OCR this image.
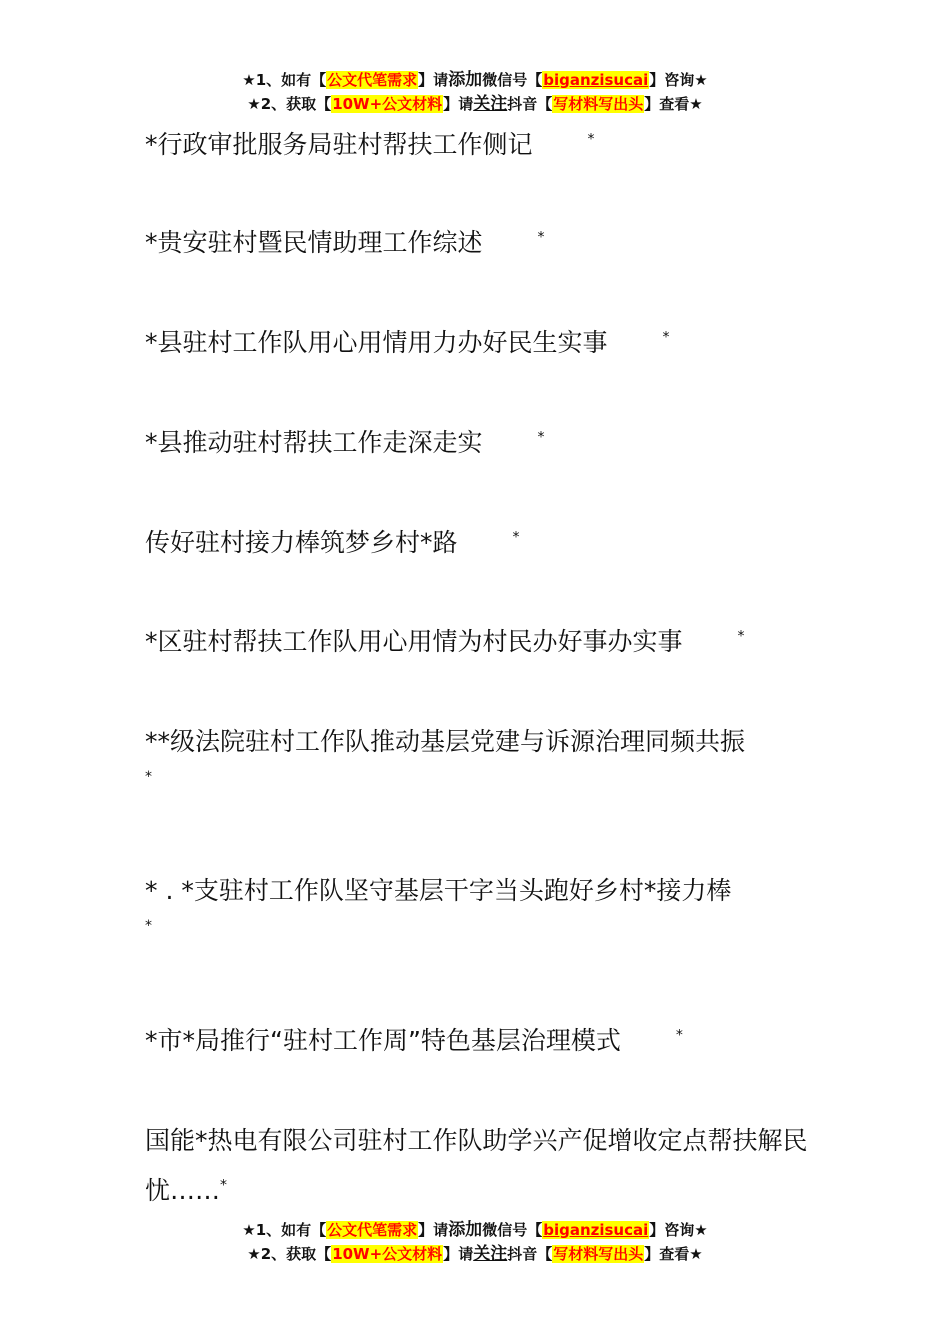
★1、如有【公文代笔需求】请添加微信号【biganzisucai】咨询★
★2、获取【10W+公文材料】请关注抖音【写材料写出头】查看★
*行政审批服务局驻村帮扶工作侧记	*
*贵安驻村暨民情助理工作综述	*
*县驻村工作队用心用情用力办好民生实事	*
*县推动驻村帮扶工作走深走实	*
传好驻村接力棒筑梦乡村*路	*
*区驻村帮扶工作队用心用情为村民办好事办实事	*
**级法院驻村工作队推动基层党建与诉源治理同频共振
*
* . *支驻村工作队坚守基层干字当头跑好乡村*接力棒
*
*市*局推行“驻村工作周”特色基层治理模式	*
国能*热电有限公司驻村工作队助学兴产促增收定点帮扶解民忧……*
★1、如有【公文代笔需求】请添加微信号【biganzisucai】咨询★
★2、获取【10W+公文材料】请关注抖音【写材料写出头】查看★
